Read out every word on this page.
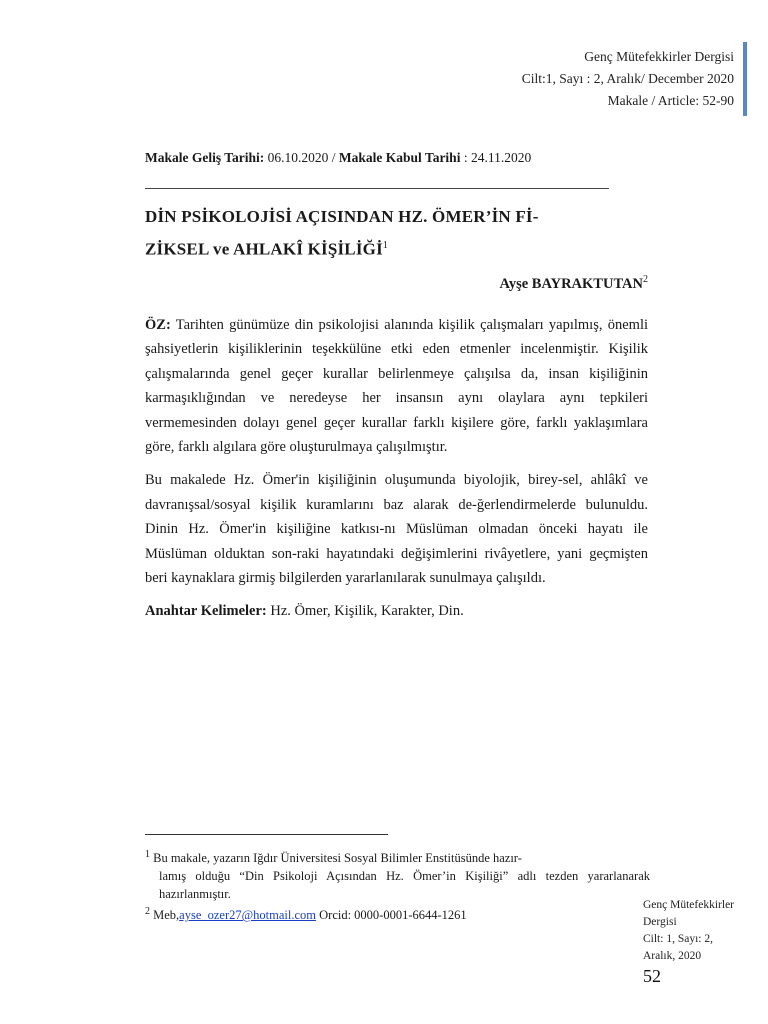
Genç Mütefekkirler Dergisi
Cilt:1, Sayı : 2, Aralık/ December 2020
Makale / Article: 52-90
Makale Geliş Tarihi: 06.10.2020 / Makale Kabul Tarihi : 24.11.2020
DİN PSİKOLOJİSİ AÇISINDAN HZ. ÖMER’İN Fİ-
ZİKSEL ve AHLAKÎ KİŞİLİĞİ$^1$
Ayşe BAYRAKTUTAN$^2$

ÖZ: Tarihten günümüze din psikolojisi alanında kişilik çalışmaları yapılmış, önemli şahsiyetlerin kişiliklerinin teşekkülüne etki eden etmenler incelenmiştir. Kişilik çalışmalarında genel geçer kurallar belirlenmeye çalışılsa da, insan kişiliğinin karmaşıklığından ve neredeyse her insansın aynı olaylara aynı tepkileri vermemesinden dolayı genel geçer kurallar farklı kişilere göre, farklı yaklaşımlara göre, farklı algılara göre oluşturulmaya çalışılmıştır.

Bu makalede Hz. Ömer'in kişiliğinin oluşumunda biyolojik, birey-sel, ahlâkî ve davranışsal/sosyal kişilik kuramlarını baz alarak de-ğerlendirmelerde bulunuldu. Dinin Hz. Ömer'in kişiliğine katkısı-nı Müslüman olmadan önceki hayatı ile Müslüman olduktan son-raki hayatındaki değişimlerini rivâyetlere, yani geçmişten beri kaynaklara girmiş bilgilerden yararlanılarak sunulmaya çalışıldı.

Anahtar Kelimeler: Hz. Ömer, Kişilik, Karakter, Din.

$^1$ Bu makale, yazarın Iğdır Üniversitesi Sosyal Bilimler Enstitüsünde hazır-
lamış olduğu “Din Psikoloji Açısından Hz. Ömer’in Kişiliği” adlı tezden yararlanarak hazırlanmıştır.

$^2$ Meb,ayse_ozer27@hotmail.com Orcid: 0000-0001-6644-1261

Genç Mütefekkirler
Dergisi
Cilt: 1, Sayı: 2,
Aralık, 2020
52
